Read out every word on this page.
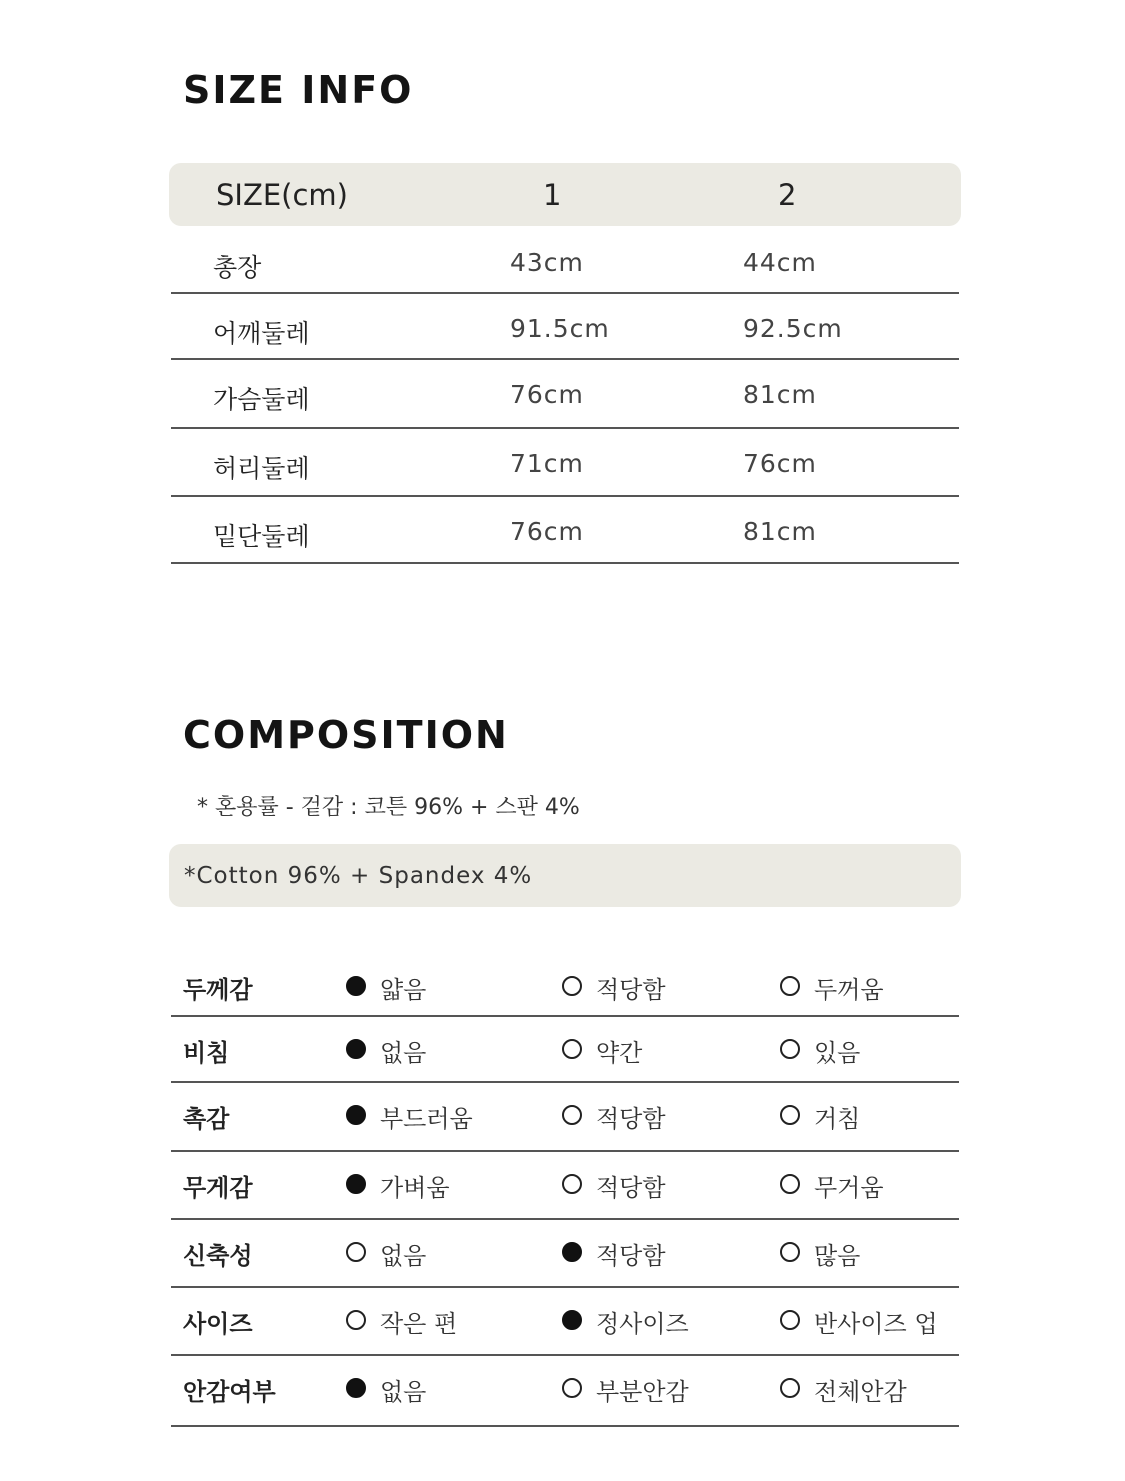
SIZE INFO
SIZE(cm)	1	2
총장	43cm	44cm
어깨둘레	91.5cm	92.5cm
가슴둘레	76cm	81cm
허리둘레	71cm	76cm
밑단둘레	76cm	81cm
COMPOSITION
* 혼용률 - 겉감 : 코튼 96% + 스판 4%
*Cotton 96% + Spandex 4%
두께감	얇음	적당함	두꺼움
비침	없음	약간	있음
촉감	부드러움	적당함	거침
무게감	가벼움	적당함	무거움
신축성	없음	적당함	많음
사이즈	작은 편	정사이즈	반사이즈 업
안감여부	없음	부분안감	전체안감
